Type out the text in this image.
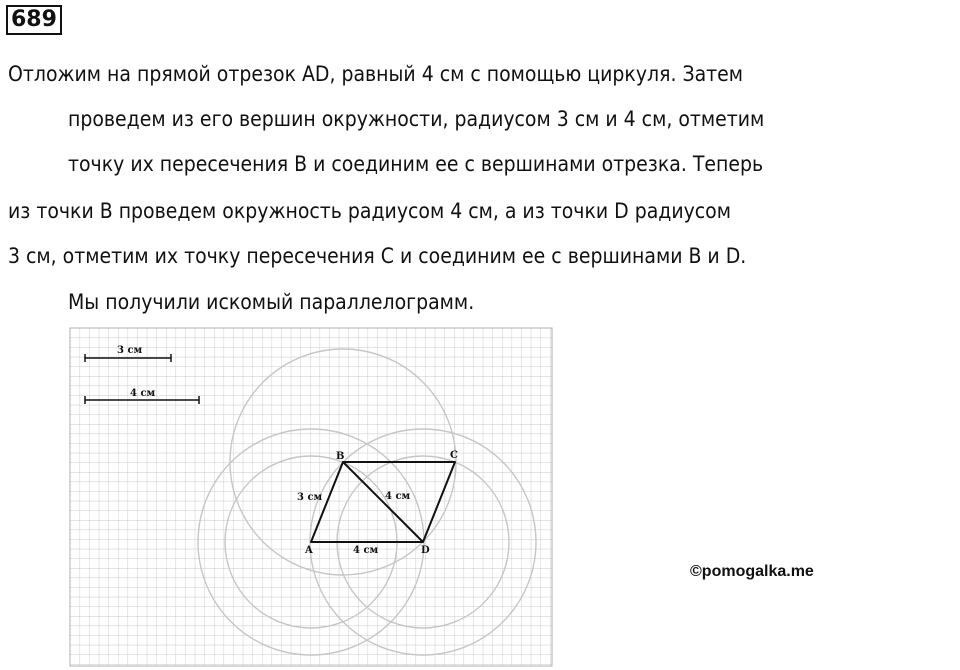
689
Отложим на прямой отрезок AD, равный 4 см с помощью циркуля. Затем
проведем из его вершин окружности, радиусом 3 см и 4 см, отметим
точку их пересечения B и соединим ее с вершинами отрезка. Теперь
из точки B проведем окружность радиусом 4 см, а из точки D радиусом
3 см, отметим их точку пересечения C и соединим ее с вершинами B и D.
Мы получили искомый параллелограмм.
3 см
4 см
A
B	C
D
3 см
4 см
4 см
©pomogalka.me
